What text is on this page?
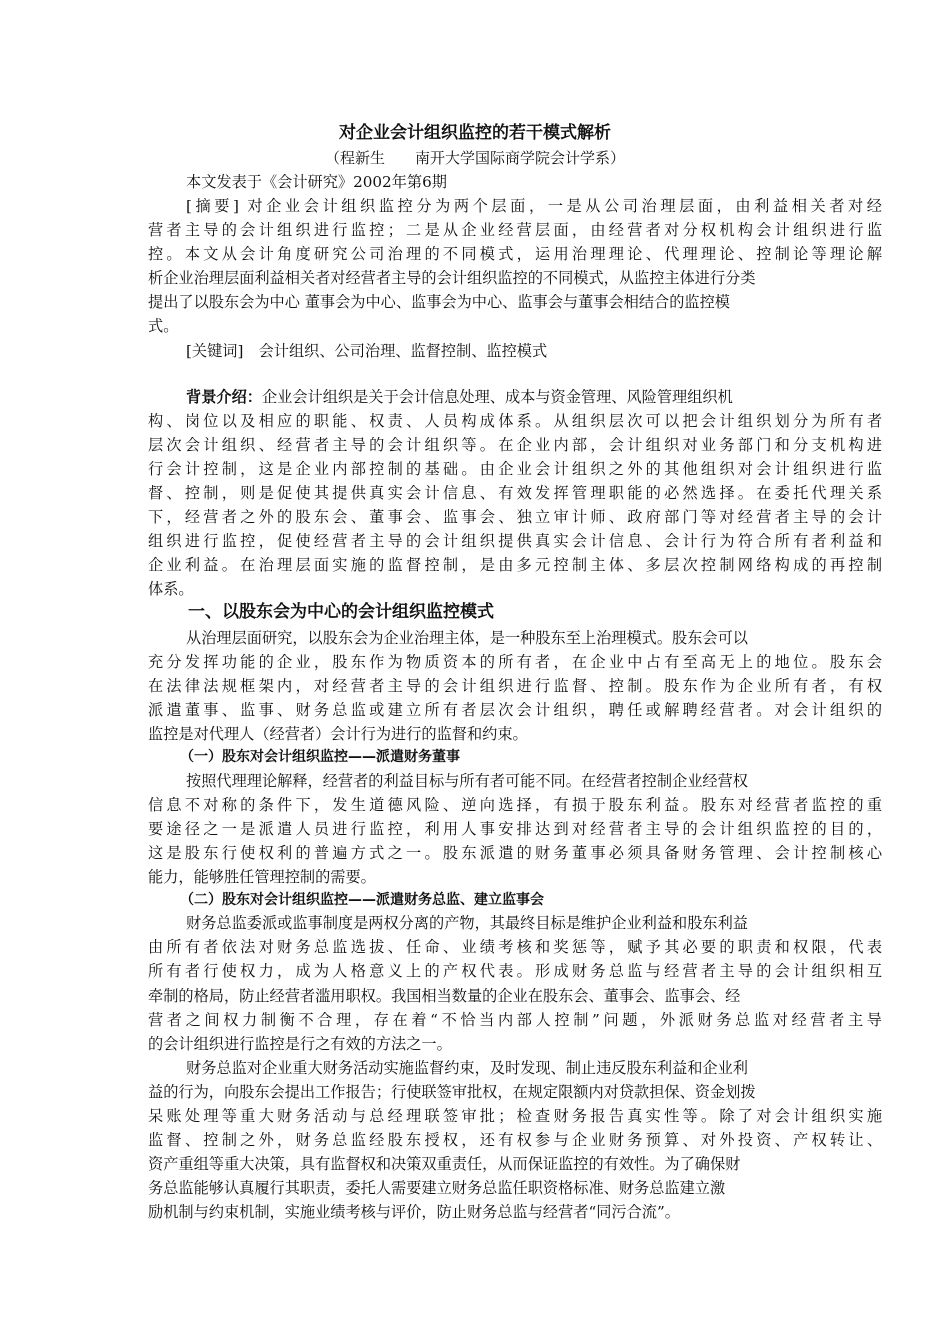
对企业会计组织监控的若干模式解析
（程新生　　南开大学国际商学院会计学系）
本文发表于《会计研究》2002年第6期
[摘要] 对企业会计组织监控分为两个层面，一是从公司治理层面，由利益相关者对经
营者主导的会计组织进行监控；二是从企业经营层面，由经营者对分权机构会计组织进行监
控。本文从会计角度研究公司治理的不同模式，运用治理理论、代理理论、控制论等理论解
析企业治理层面利益相关者对经营者主导的会计组织监控的不同模式，从监控主体进行分类
提出了以股东会为中心 董事会为中心、监事会为中心、监事会与董事会相结合的监控模
式。
[关键词]　会计组织、公司治理、监督控制、监控模式
背景介绍：企业会计组织是关于会计信息处理、成本与资金管理、风险管理组织机
构、岗位以及相应的职能、权责、人员构成体系。从组织层次可以把会计组织划分为所有者
层次会计组织、经营者主导的会计组织等。在企业内部，会计组织对业务部门和分支机构进
行会计控制，这是企业内部控制的基础。由企业会计组织之外的其他组织对会计组织进行监
督、控制，则是促使其提供真实会计信息、有效发挥管理职能的必然选择。在委托代理关系
下，经营者之外的股东会、董事会、监事会、独立审计师、政府部门等对经营者主导的会计
组织进行监控，促使经营者主导的会计组织提供真实会计信息、会计行为符合所有者利益和
企业利益。在治理层面实施的监督控制，是由多元控制主体、多层次控制网络构成的再控制
体系。
一、以股东会为中心的会计组织监控模式
从治理层面研究，以股东会为企业治理主体，是一种股东至上治理模式。股东会可以
充分发挥功能的企业，股东作为物质资本的所有者，在企业中占有至高无上的地位。股东会
在法律法规框架内，对经营者主导的会计组织进行监督、控制。股东作为企业所有者，有权
派遣董事、监事、财务总监或建立所有者层次会计组织，聘任或解聘经营者。对会计组织的
监控是对代理人（经营者）会计行为进行的监督和约束。
（一）股东对会计组织监控——派遣财务董事
按照代理理论解释，经营者的利益目标与所有者可能不同。在经营者控制企业经营权
信息不对称的条件下，发生道德风险、逆向选择，有损于股东利益。股东对经营者监控的重
要途径之一是派遣人员进行监控，利用人事安排达到对经营者主导的会计组织监控的目的，
这是股东行使权利的普遍方式之一。股东派遣的财务董事必须具备财务管理、会计控制核心
能力，能够胜任管理控制的需要。
（二）股东对会计组织监控——派遣财务总监、建立监事会
财务总监委派或监事制度是两权分离的产物，其最终目标是维护企业利益和股东利益
由所有者依法对财务总监选拔、任命、业绩考核和奖惩等，赋予其必要的职责和权限，代表
所有者行使权力，成为人格意义上的产权代表。形成财务总监与经营者主导的会计组织相互
牵制的格局，防止经营者滥用职权。我国相当数量的企业在股东会、董事会、监事会、经
营者之间权力制衡不合理，存在着“不恰当内部人控制”问题，外派财务总监对经营者主导
的会计组织进行监控是行之有效的方法之一。
财务总监对企业重大财务活动实施监督约束，及时发现、制止违反股东利益和企业利
益的行为，向股东会提出工作报告；行使联签审批权，在规定限额内对贷款担保、资金划拨
呆账处理等重大财务活动与总经理联签审批；检查财务报告真实性等。除了对会计组织实施
监督、控制之外，财务总监经股东授权，还有权参与企业财务预算、对外投资、产权转让、
资产重组等重大决策，具有监督权和决策双重责任，从而保证监控的有效性。为了确保财
务总监能够认真履行其职责，委托人需要建立财务总监任职资格标准、财务总监建立激
励机制与约束机制，实施业绩考核与评价，防止财务总监与经营者“同污合流”。
